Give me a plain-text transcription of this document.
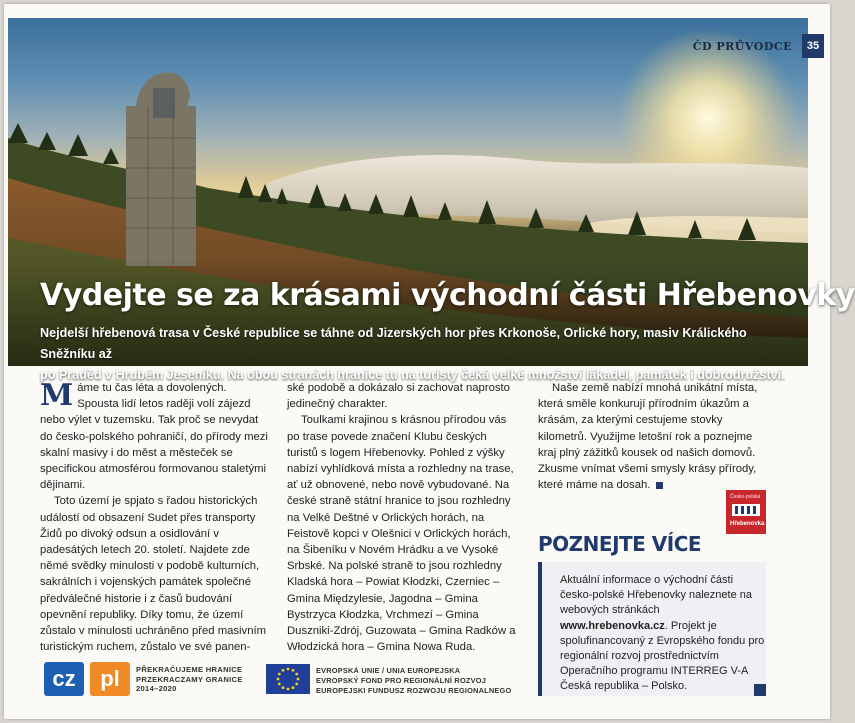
Vydejte se za krásami východní části Hřebenovky
Nejdelší hřebenová trasa v České republice se táhne od Jizerských hor přes Krkonoše, Orlické hory, masiv Králického Sněžníku až
po Praděd v Hrubém Jeseníku. Na obou stranách hranice tu na turisty čeká velké množství lákadel, památek i dobrodružství.
ČD PRŮVODCE	35

Máme tu čas léta a dovolených. Spousta lidí letos raději volí zájezd nebo výlet v tuzemsku. Tak proč se nevydat do česko-polského pohraničí, do přírody mezi skalní masivy i do měst a městeček se specifickou atmosférou formovanou staletými dějinami.

Toto území je spjato s řadou historických událostí od obsazení Sudet přes transporty Židů po divoký odsun a osidlování v padesátých letech 20. století. Najdete zde němé svědky minulosti v podobě kulturních, sakrálních i vojenských památek společné předválečné historie i z časů budování opevnění republiky. Díky tomu, že území zůstalo v minulosti uchráněno před masivním turistickým ruchem, zůstalo ve své panen-

ské podobě a dokázalo si zachovat naprosto jedinečný charakter.

Toulkami krajinou s krásnou přírodou vás po trase povede značení Klubu českých turistů s logem Hřebenovky. Pohled z výšky nabízí vyhlídková místa a rozhledny na trase, ať už obnovené, nebo nově vybudované. Na české straně státní hranice to jsou rozhledny na Velké Deštné v Orlických horách, na Feistově kopci v Olešnici v Orlických horách, na Šibeníku v Novém Hrádku a ve Vysoké Srbské. Na polské straně to jsou rozhledny Kladská hora – Powiat Kłodzki, Czerniec – Gmina Międzylesie, Jagodna – Gmina Bystrzyca Kłodzka, Vrchmezí – Gmina Duszniki-Zdrój, Guzowata – Gmina Radków a Włodzická hora – Gmina Nowa Ruda.

Naše země nabízí mnohá unikátní místa, která směle konkurují přírodním úkazům a krásám, za kterými cestujeme stovky kilometrů. Využijme letošní rok a poznejme kraj plný zážitků kousek od našich domovů. Zkusme vnímat všemi smysly krásy přírody, které máme na dosah.

Česko-polská
Hřebenovka
POZNEJTE VÍCE
Aktuální informace o východní části česko-polské Hřebenovky naleznete na webových stránkách www.hrebenovka.cz. Projekt je spolufinancovaný z Evropského fondu pro regionální rozvoj prostřednictvím Operačního programu INTERREG V-A Česká republika – Polsko.
cz	pl	PŘEKRAČUJEME HRANICE
PRZEKRACZAMY GRANICE
2014–2020
EVROPSKÁ UNIE / UNIA EUROPEJSKA
EVROPSKÝ FOND PRO REGIONÁLNÍ ROZVOJ
EUROPEJSKI FUNDUSZ ROZWOJU REGIONALNEGO
